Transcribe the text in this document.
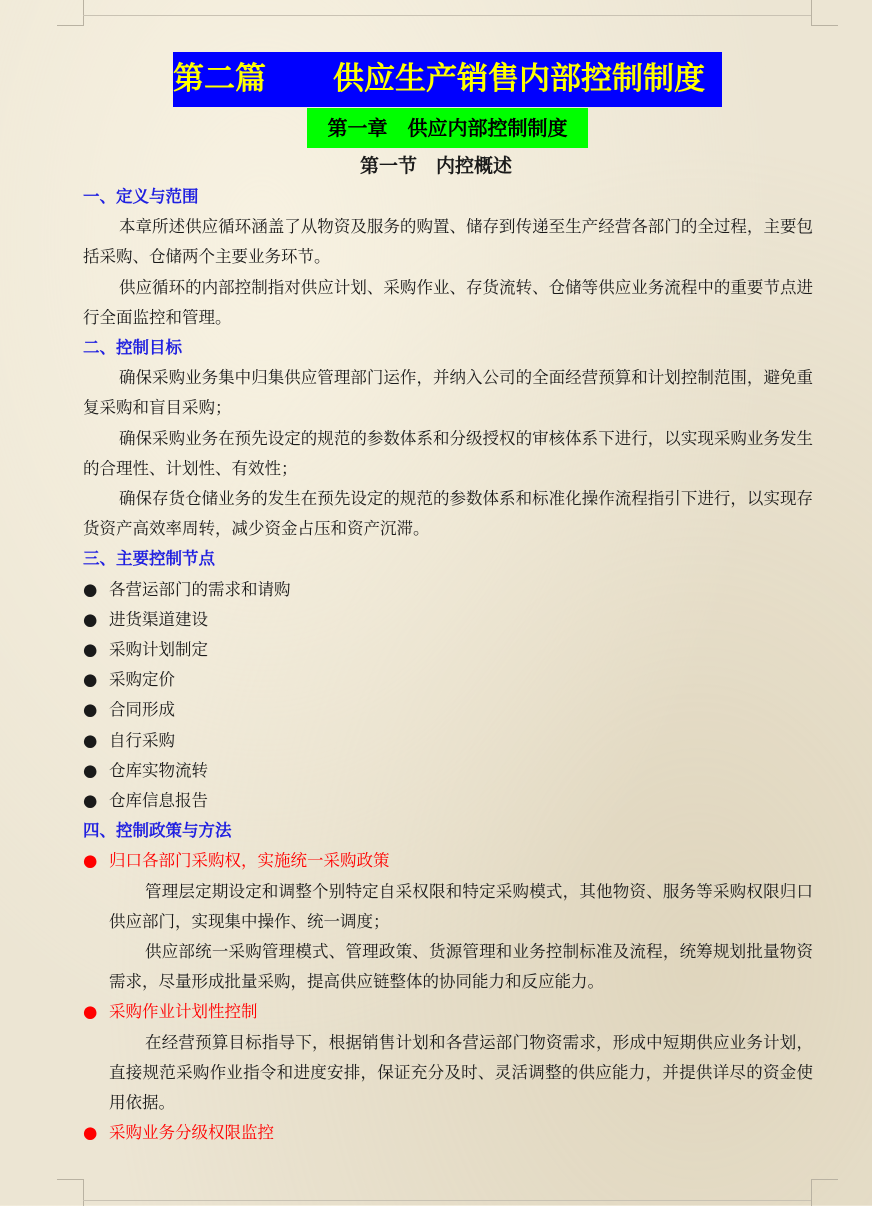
第二篇	供应生产销售内部控制制度
第一章　供应内部控制制度
第一节　内控概述
一、定义与范围

本章所述供应循环涵盖了从物资及服务的购置、储存到传递至生产经营各部门的全过程，主要包括采购、仓储两个主要业务环节。

供应循环的内部控制指对供应计划、采购作业、存货流转、仓储等供应业务流程中的重要节点进行全面监控和管理。

二、控制目标

确保采购业务集中归集供应管理部门运作，并纳入公司的全面经营预算和计划控制范围，避免重复采购和盲目采购；

确保采购业务在预先设定的规范的参数体系和分级授权的审核体系下进行，以实现采购业务发生的合理性、计划性、有效性；

确保存货仓储业务的发生在预先设定的规范的参数体系和标准化操作流程指引下进行，以实现存货资产高效率周转，减少资金占压和资产沉滞。

三、主要控制节点
● 各营运部门的需求和请购
● 进货渠道建设
● 采购计划制定
● 采购定价
● 合同形成
● 自行采购
● 仓库实物流转
● 仓库信息报告
四、控制政策与方法
● 归口各部门采购权，实施统一采购政策

管理层定期设定和调整个别特定自采权限和特定采购模式，其他物资、服务等采购权限归口供应部门，实现集中操作、统一调度；

供应部统一采购管理模式、管理政策、货源管理和业务控制标准及流程，统筹规划批量物资需求，尽量形成批量采购，提高供应链整体的协同能力和反应能力。

● 采购作业计划性控制

在经营预算目标指导下，根据销售计划和各营运部门物资需求，形成中短期供应业务计划，直接规范采购作业指令和进度安排，保证充分及时、灵活调整的供应能力，并提供详尽的资金使用依据。

● 采购业务分级权限监控
